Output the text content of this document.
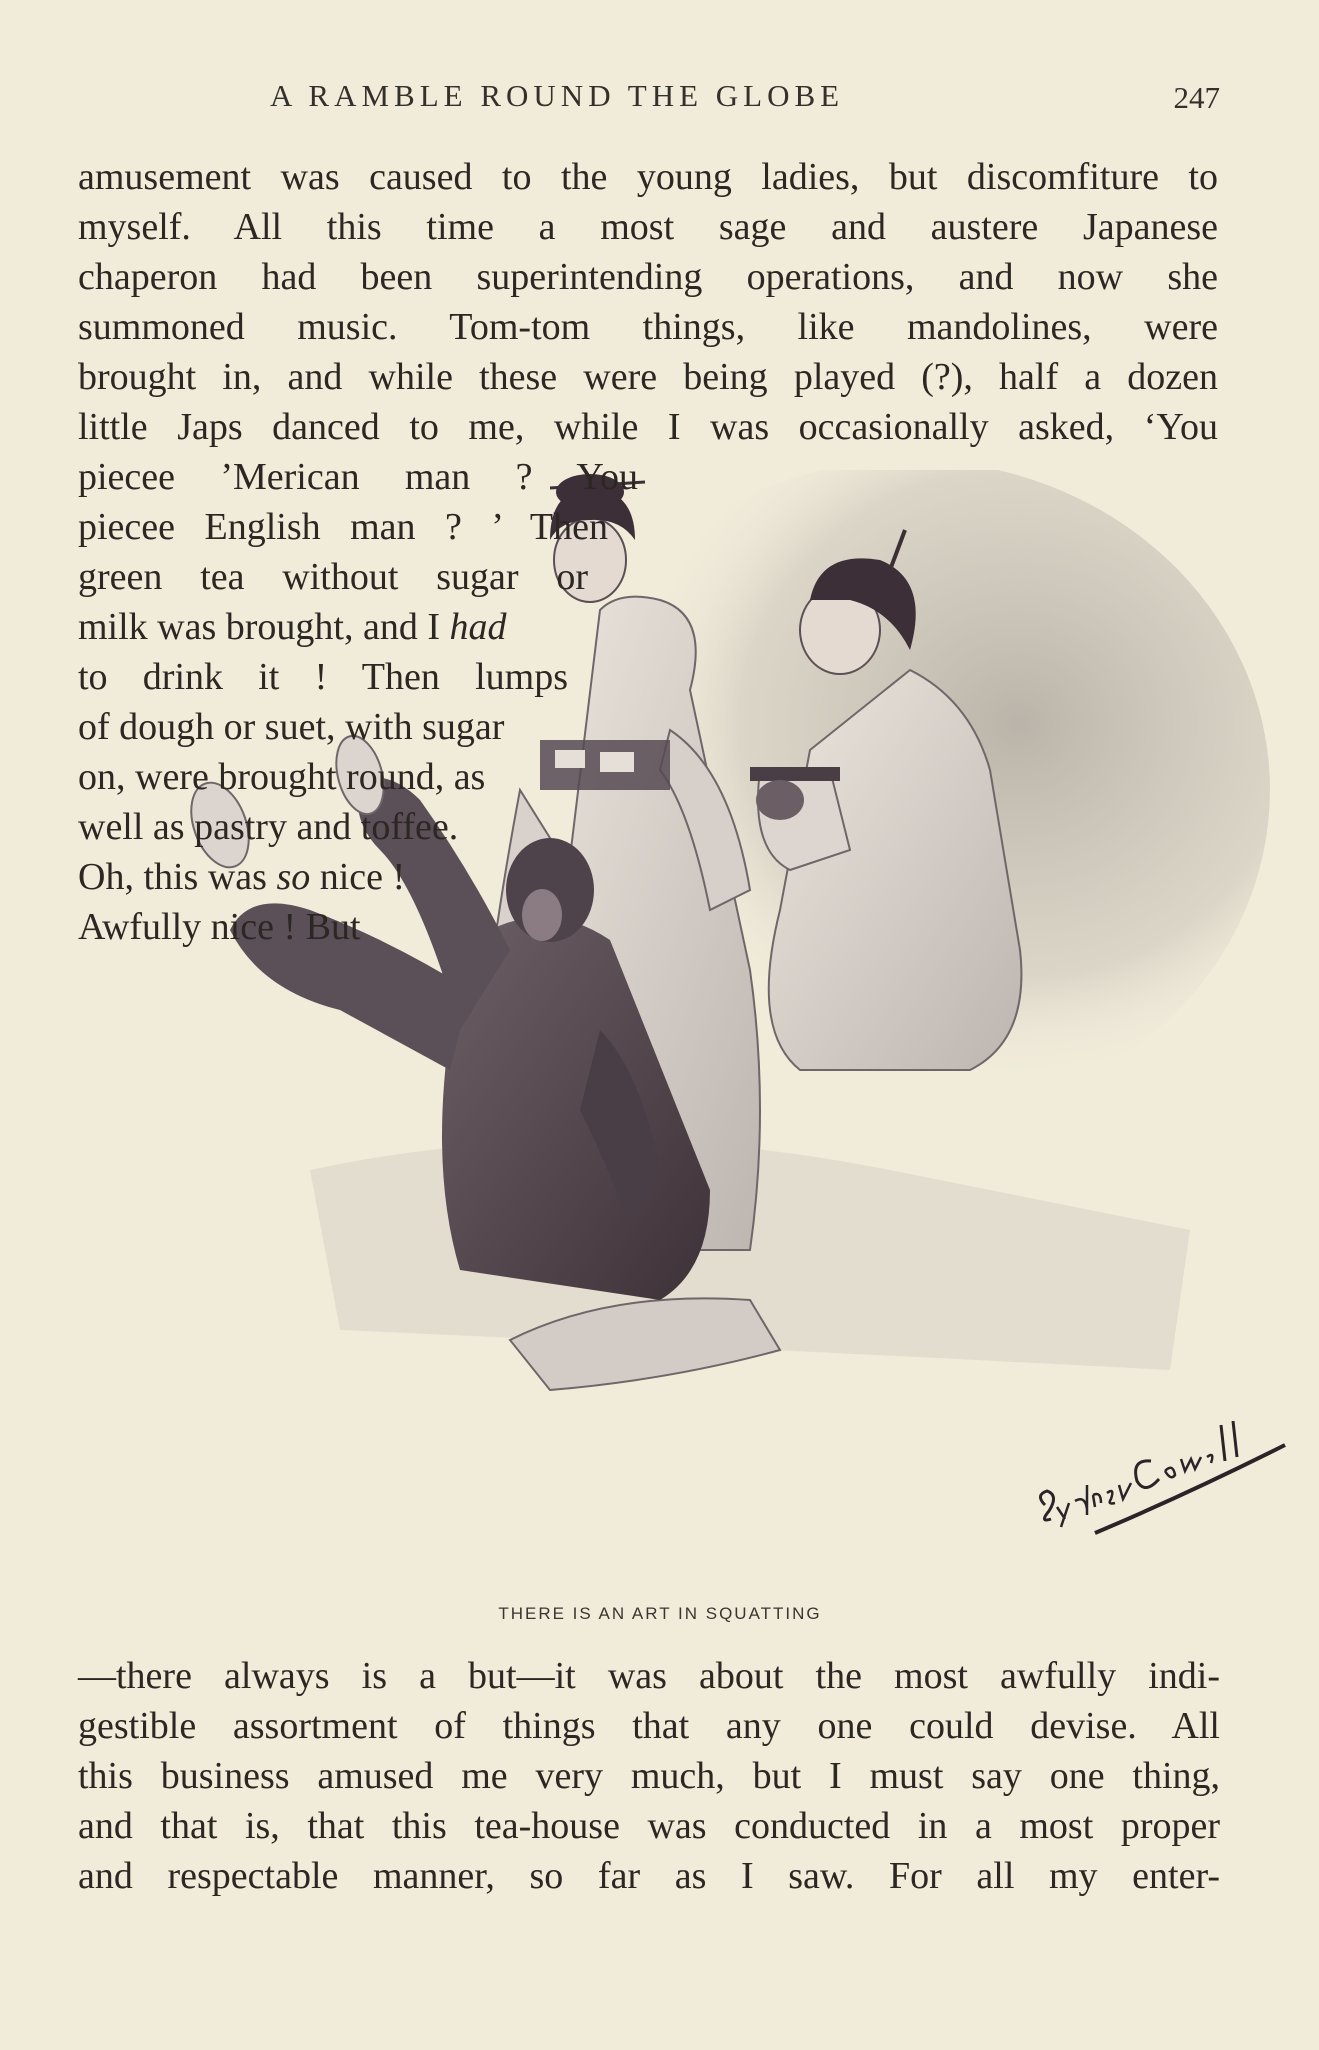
A RAMBLE ROUND THE GLOBE	247
amusement was caused to the young ladies, but discomfiture to
myself. All this time a most sage and austere Japanese
chaperon had been superintending operations, and now she
summoned music. Tom-tom things, like mandolines, were
brought in, and while these were being played (?), half a dozen
little Japs danced to me, while I was occasionally asked, ‘You
piecee ’Merican man ? You
piecee English man ? ’ Then
green tea without sugar or
milk was brought, and I had
to drink it ! Then lumps
of dough or suet, with sugar
on, were brought round, as
well as pastry and toffee.
Oh, this was so nice !
Awfully nice ! But
THERE IS AN ART IN SQUATTING
—there always is a but—it was about the most awfully indi-
gestible assortment of things that any one could devise. All
this business amused me very much, but I must say one thing,
and that is, that this tea-house was conducted in a most proper
and respectable manner, so far as I saw. For all my enter-
